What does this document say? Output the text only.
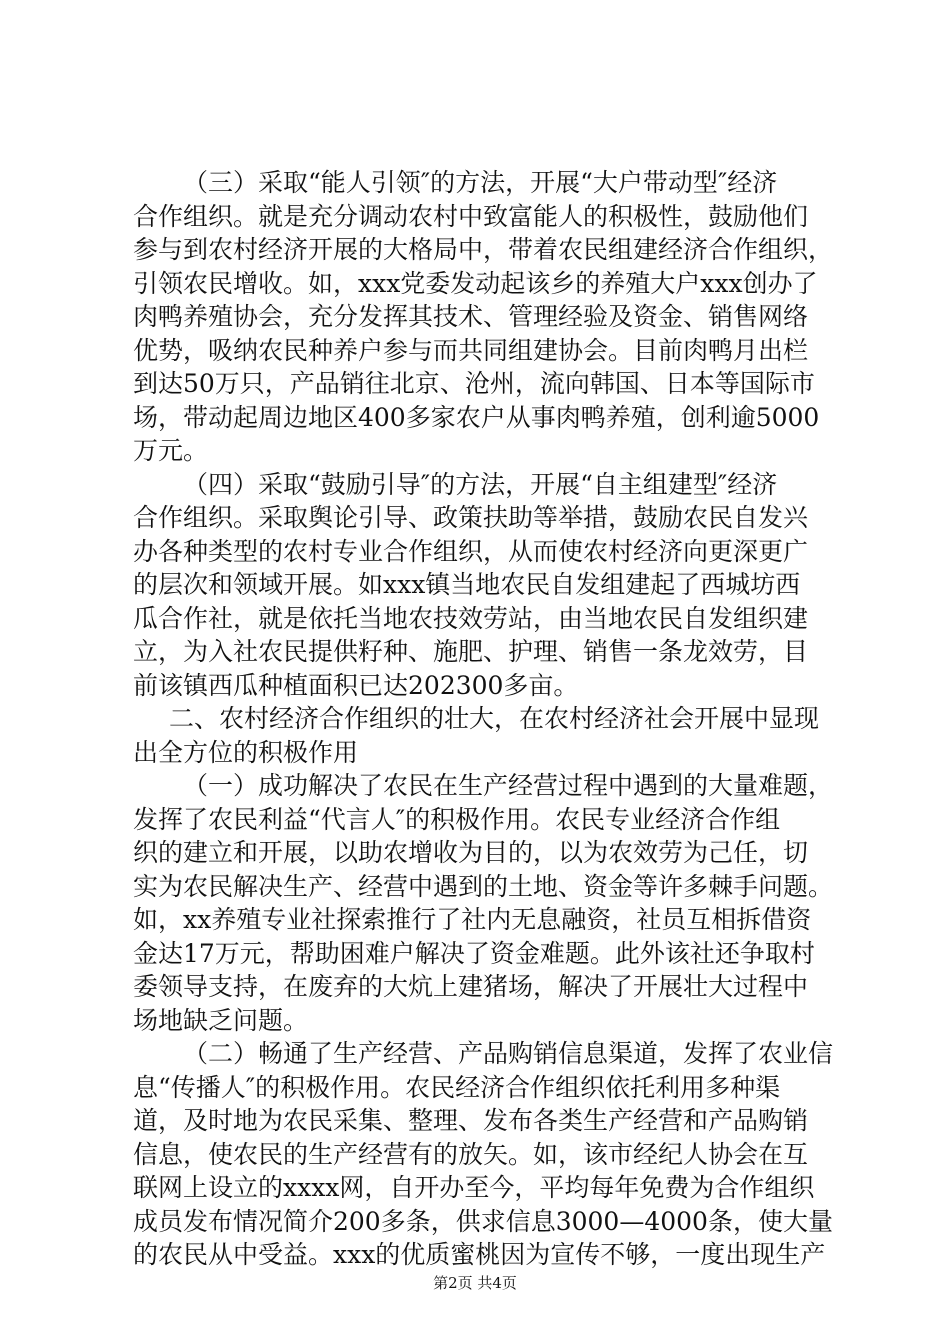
（三）采取“能人引领″的方法，开展“大户带动型″经济
合作组织。就是充分调动农村中致富能人的积极性，鼓励他们
参与到农村经济开展的大格局中，带着农民组建经济合作组织，
引领农民增收。如，xxx党委发动起该乡的养殖大户xxx创办了
肉鸭养殖协会，充分发挥其技术、管理经验及资金、销售网络
优势，吸纳农民种养户参与而共同组建协会。目前肉鸭月出栏
到达50万只，产品销往北京、沧州，流向韩国、日本等国际市
场，带动起周边地区400多家农户从事肉鸭养殖，创利逾5000
万元。
（四）采取“鼓励引导″的方法，开展“自主组建型″经济
合作组织。采取舆论引导、政策扶助等举措，鼓励农民自发兴
办各种类型的农村专业合作组织，从而使农村经济向更深更广
的层次和领域开展。如xxx镇当地农民自发组建起了西城坊西
瓜合作社，就是依托当地农技效劳站，由当地农民自发组织建
立，为入社农民提供籽种、施肥、护理、销售一条龙效劳，目
前该镇西瓜种植面积已达202300多亩。
二、农村经济合作组织的壮大，在农村经济社会开展中显现
出全方位的积极作用
（一）成功解决了农民在生产经营过程中遇到的大量难题，
发挥了农民利益“代言人″的积极作用。农民专业经济合作组
织的建立和开展，以助农增收为目的，以为农效劳为己任，切
实为农民解决生产、经营中遇到的土地、资金等许多棘手问题。
如，xx养殖专业社探索推行了社内无息融资，社员互相拆借资
金达17万元，帮助困难户解决了资金难题。此外该社还争取村
委领导支持，在废弃的大炕上建猪场，解决了开展壮大过程中
场地缺乏问题。
（二）畅通了生产经营、产品购销信息渠道，发挥了农业信
息“传播人″的积极作用。农民经济合作组织依托利用多种渠
道，及时地为农民采集、整理、发布各类生产经营和产品购销
信息，使农民的生产经营有的放矢。如，该市经纪人协会在互
联网上设立的xxxx网，自开办至今，平均每年免费为合作组织
成员发布情况简介200多条，供求信息3000—4000条，使大量
的农民从中受益。xxx的优质蜜桃因为宣传不够，一度出现生产
第2页 共4页
